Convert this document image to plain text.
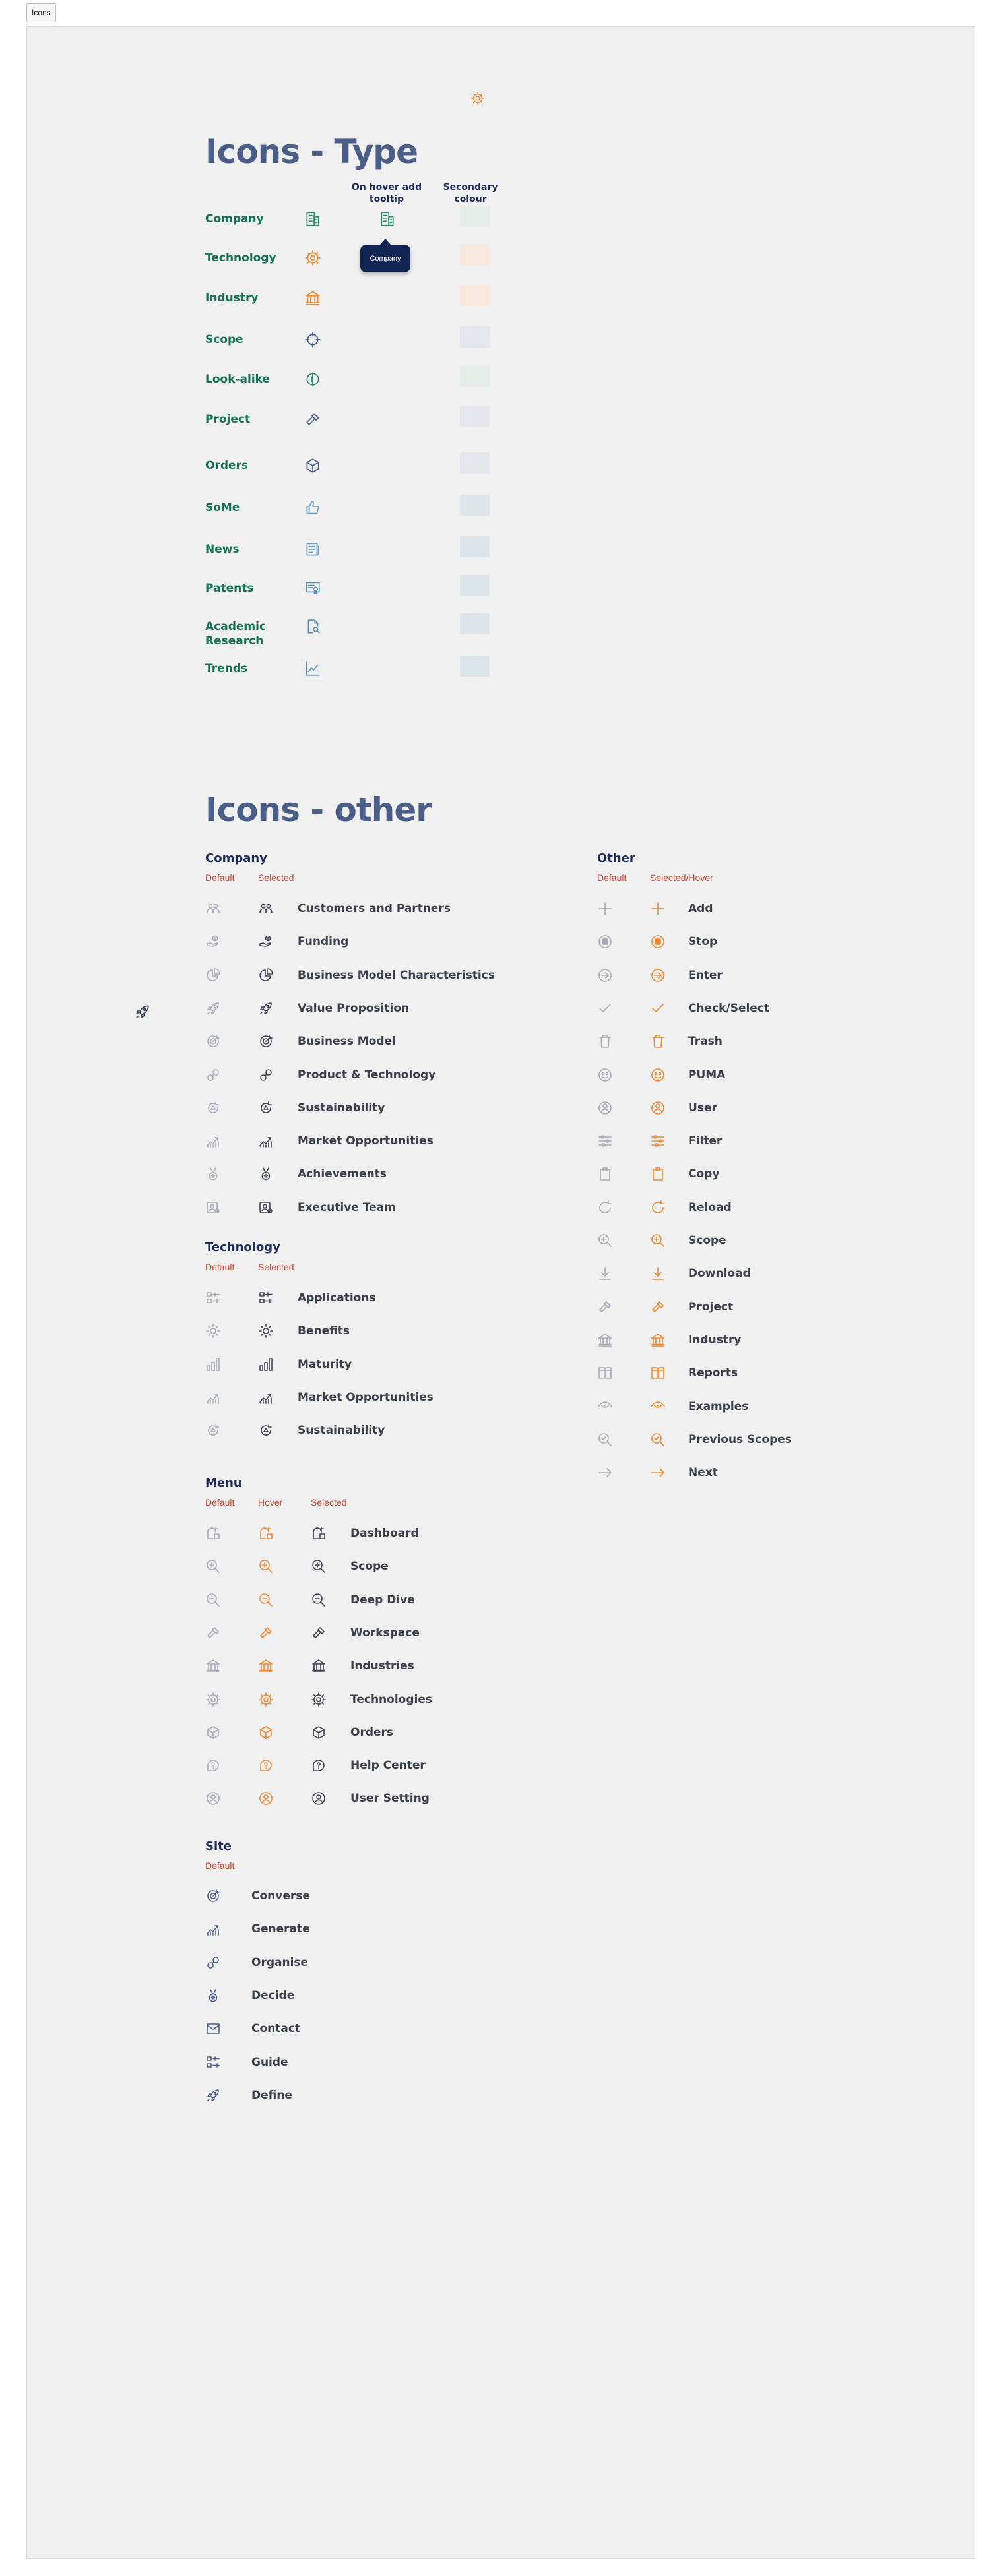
Icons
Icons - Type
On hover add tooltip
Secondary colour
Company
Technology
Industry
Scope
Look-alike
Project
Orders
SoMe
News
Patents
Academic Research
Trends
Company
Icons - other
Company
Default	Selected
Customers and Partners
Funding
Business Model Characteristics
Value Proposition
Business Model
Product & Technology
Sustainability
Market Opportunities
Achievements
Executive Team
Technology
Default	Selected
Applications
Benefits
Maturity
Market Opportunities
Sustainability
Menu
Default	Hover	Selected
Dashboard
Scope
Deep Dive
Workspace
Industries
Technologies
Orders
Help Center
User Setting
Site
Default
Converse
Generate
Organise
Decide
Contact
Guide
Define
Other
Default	Selected/Hover
Add
Stop
Enter
Check/Select
Trash
PUMA
User
Filter
Copy
Reload
Scope
Download
Project
Industry
Reports
Examples
Previous Scopes
Next
